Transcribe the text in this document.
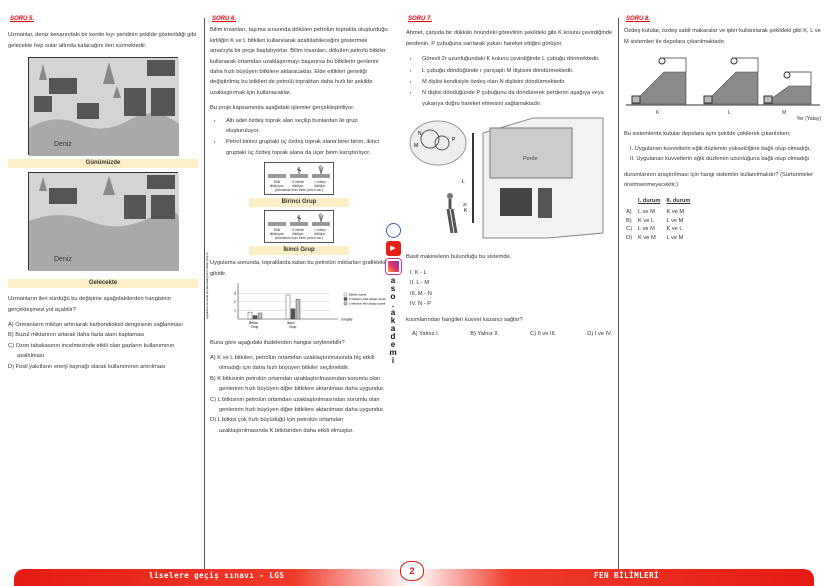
SORU 5.

Uzmanlar, deniz kenarındaki bir kentin kıyı şeridinin şekilde gösterildiği gibi gelecekte hep sular altında kalacağını ileri sürmektedir.

Deniz
Günümüzde
Deniz
Gelecekte

Uzmanların ileri sürdüğü bu değişime aşağıdakilerden hangisinin gerçekleşmesi yol açabilir?

A) Ormanların miktarı artırılarak karbondioksit dengesinin sağlanması

B) Buzul miktarının artarak daha fazla alanı kaplaması

C) Ozon tabakasının incelmesinde etkili olan gazların kullanımının azaltılması

D) Fosil yakıtların enerji kaynağı olarak kullanımının artırılması

SORU 6.

Bilim insanları, taşıma sırasında dökülen petrolün toprakta oluşturduğu kirliliğin K ve L bitkileri kullanılarak azaltılabileceğini göstermek amacıyla bir proje başlatıyorlar. Bilim insanları, dökülen petrolü bitkiler kullanarak ortamdan uzaklaştırmayı başarırsa bu bitkilerin genlerini daha hızlı büyüyen bitkilere aktaracaklar. Elde ettikleri genetiği değiştirilmiş bu bitkileri de petrolü topraktan daha hızlı bir şekilde uzaklaştırmak için kullanacaklar.

Bu proje kapsamında aşağıdaki işlemler gerçekleştiriliyor.

▪ Altı adet özdeş toprak alan seçilip bunlardan iki grup oluşturuluyor.
▪ Petrol birinci gruptaki üç özdeş toprak alana birer birim, ikinci gruptaki üç özdeş toprak alana da üçer birim karıştırılıyor.
Bitki dikilmiyor.
K bitkisi dikiliyor.
L bitkisi dikiliyor.
(Alanlarda birer birim petrol var.)
Birinci Grup
Bitki dikilmiyor.
K bitkisi dikiliyor.
L bitkisi dikiliyor.
(Alanlarda üçer birim petrol var.)
İkinci Grup

Uygulama sonunda, topraklarda kalan bu petrolün miktarları grafikteki gibidir.

Uygulama sonunda topraklardaki petrol miktarı (birim)	1
2
3
Gruplar
Birinci
Grup
İkinci
Grup
Bitkisiz toprak
K bitkisinin ekili olduğu toprak
L bitkisinin ekili olduğu toprak

Buna göre aşağıdaki ifadelerden hangisi söylenebilir?

A) K ve L bitkileri, petrolün ortamdan uzaklaştırılmasında hiç etkili olmadığı için daha hızlı büyüyen bitkiler seçilmelidir.

B) K bitkisinin petrolün ortamdan uzaklaştırılmasından sorumlu olan genlerinin hızlı büyüyen diğer bitkilere aktarılması daha uygundur.

C) L bitkisinin petrolün ortamdan uzaklaştırılmasından sorumlu olan genlerinin hızlı büyüyen diğer bitkilere aktarılması daha uygundur.

D) L bitkisi çok hızlı büyüdüğü için petrolün ortamdan uzaklaştırılmasında K bitkisinden daha etkili olmuştur.

▶
a
s
o
.
a
k
a
d
e
m
i
SORU 7.

Ahmet, çarşıda bir dükkân önündeki görevlinin şekildeki gibi K kolunu çevirdiğinde perdenin, P çubuğuna sarılarak yukarı hareket ettiğini görüyor.

▪ Görevli 2r uzunluğundaki K kolunu çevirdiğinde L çubuğu dönmektedir.
▪ L çubuğu döndüğünde r yarıçaplı M dişlisini döndürmektedir.
▪ M dişlisi kendisiyle özdeş olan N dişlisini döndürmektedir.
▪ N dişlisi döndüğünde P çubuğunu da döndürerek perdenin aşağıya veya yukarıya doğru hareket etmesini sağlamaktadır.
N
M
P
Perde
L
2r
K

Basit makinelerin bulunduğu bu sistemde,

I. K - L
II. L - M
III. M - N
IV. N - P

kısımlarından hangileri kuvvet kazancı sağlar?

A) Yalnız I.	B) Yalnız II.	C) II ve III.	D) I ve IV.
SORU 8.

Özdeş kutular, özdeş sabit makaralar ve ipler kullanılarak şekildeki gibi K, L ve M sistemleri ile depolara çıkarılmaktadır.

K	L	M
Yer (Yatay)

Bu sistemlerde kutular depolara aynı şekilde çekilerek çıkarılırken;

I. Uygulanan kuvvetlerin eğik düzlemin yüksekliğine bağlı olup olmadığı,

II. Uygulanan kuvvetlerin eğik düzlemin uzunluğuna bağlı olup olmadığı

durumlarının araştırılması için hangi sistemler kullanılmalıdır? (Sürtünmeler önemsenmeyecektir.)

	I. durum	II. durum
A)	L ve M	K ve M
B)	K ve L	L ve M
C)	L ve M	K ve L
D)	K ve M	L ve M
liselere geçiş sınavı - LGS	FEN BİLİMLERİ
2
